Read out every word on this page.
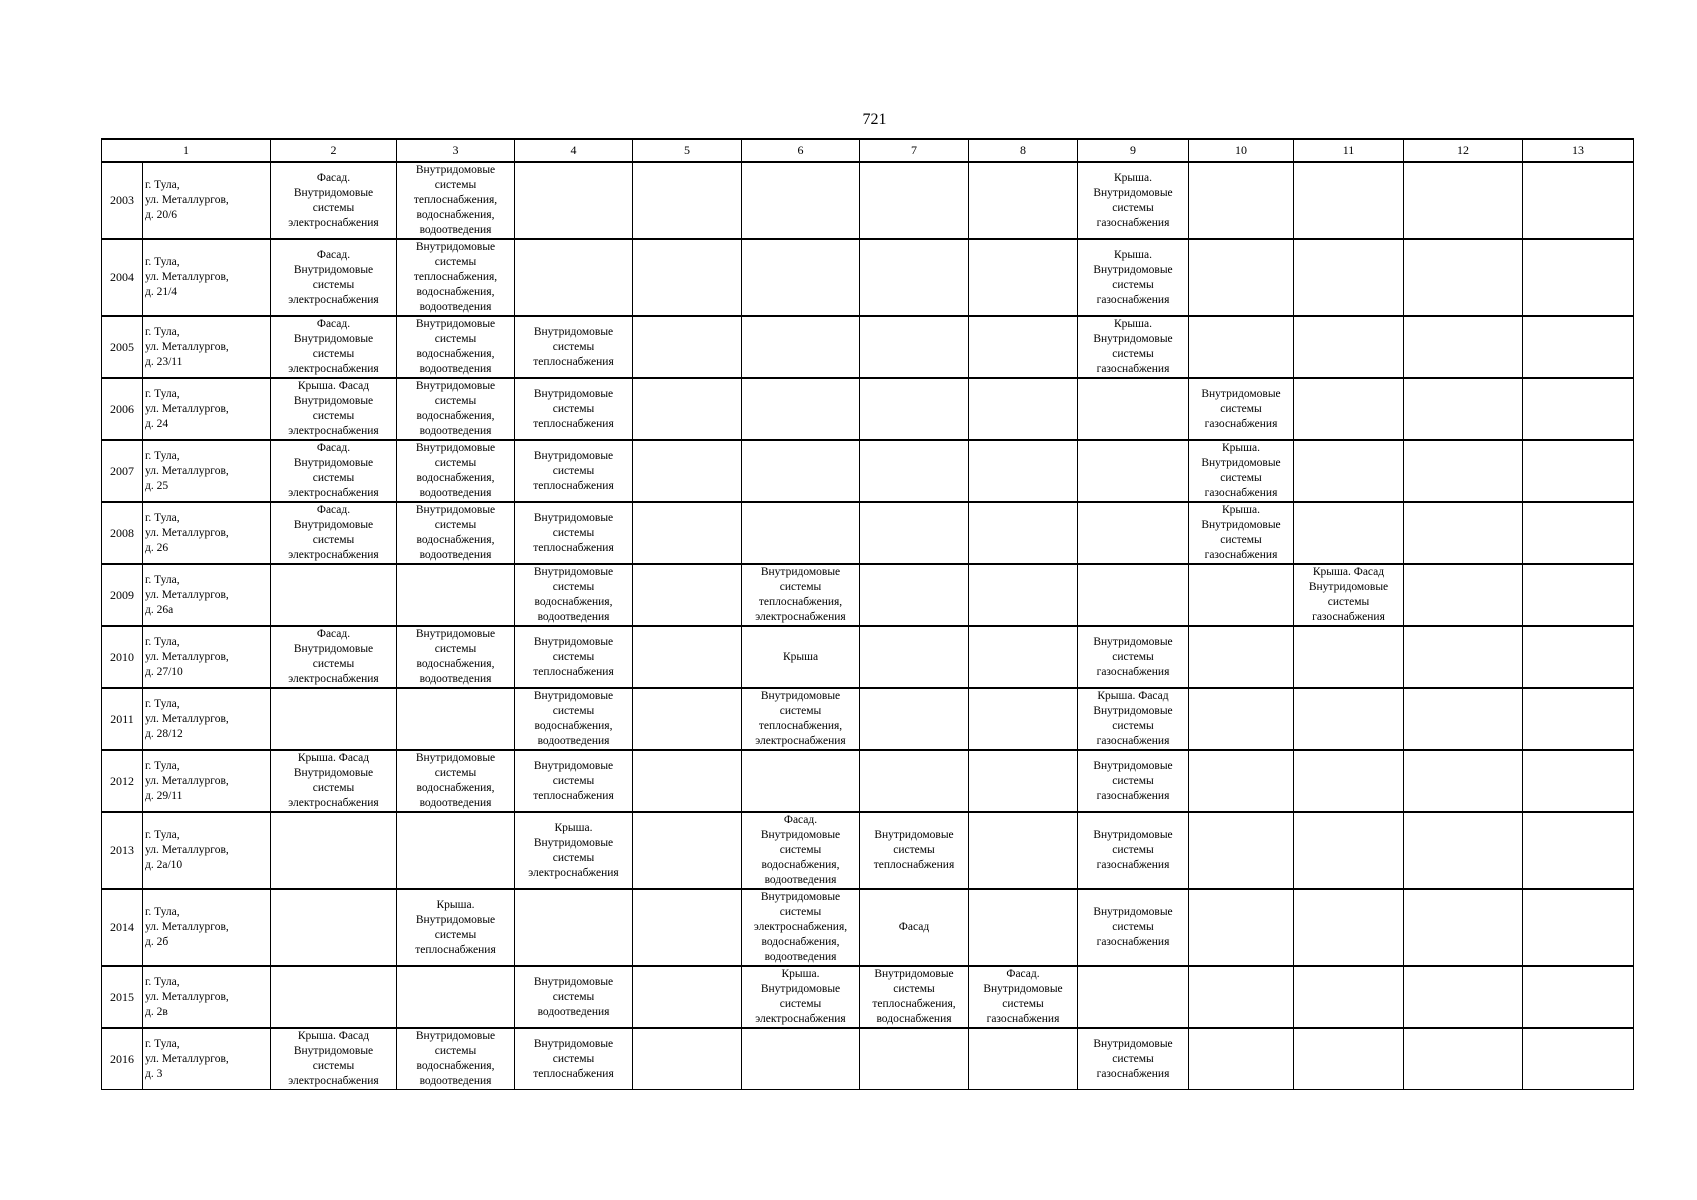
721
1		2	3	4	5	6	7	8	9	10	11	12	13
2003	г. Тула,
ул. Металлургов,
д. 20/6	Фасад.
Внутридомовые
системы
электроснабжения	Внутридомовые
системы
теплоснабжения,
водоснабжения,
водоотведения						Крыша.
Внутридомовые
системы
газоснабжения				
2004	г. Тула,
ул. Металлургов,
д. 21/4	Фасад.
Внутридомовые
системы
электроснабжения	Внутридомовые
системы
теплоснабжения,
водоснабжения,
водоотведения						Крыша.
Внутридомовые
системы
газоснабжения				
2005	г. Тула,
ул. Металлургов,
д. 23/11	Фасад.
Внутридомовые
системы
электроснабжения	Внутридомовые
системы
водоснабжения,
водоотведения	Внутридомовые
системы
теплоснабжения					Крыша.
Внутридомовые
системы
газоснабжения				
2006	г. Тула,
ул. Металлургов,
д. 24	Крыша. Фасад
Внутридомовые
системы
электроснабжения	Внутридомовые
системы
водоснабжения,
водоотведения	Внутридомовые
системы
теплоснабжения						Внутридомовые
системы
газоснабжения			
2007	г. Тула,
ул. Металлургов,
д. 25	Фасад.
Внутридомовые
системы
электроснабжения	Внутридомовые
системы
водоснабжения,
водоотведения	Внутридомовые
системы
теплоснабжения						Крыша.
Внутридомовые
системы
газоснабжения			
2008	г. Тула,
ул. Металлургов,
д. 26	Фасад.
Внутридомовые
системы
электроснабжения	Внутридомовые
системы
водоснабжения,
водоотведения	Внутридомовые
системы
теплоснабжения						Крыша.
Внутридомовые
системы
газоснабжения			
2009	г. Тула,
ул. Металлургов,
д. 26а			Внутридомовые
системы
водоснабжения,
водоотведения		Внутридомовые
системы
теплоснабжения,
электроснабжения					Крыша. Фасад
Внутридомовые
системы
газоснабжения		
2010	г. Тула,
ул. Металлургов,
д. 27/10	Фасад.
Внутридомовые
системы
электроснабжения	Внутридомовые
системы
водоснабжения,
водоотведения	Внутридомовые
системы
теплоснабжения		Крыша			Внутридомовые
системы
газоснабжения				
2011	г. Тула,
ул. Металлургов,
д. 28/12			Внутридомовые
системы
водоснабжения,
водоотведения		Внутридомовые
системы
теплоснабжения,
электроснабжения			Крыша. Фасад
Внутридомовые
системы
газоснабжения				
2012	г. Тула,
ул. Металлургов,
д. 29/11	Крыша. Фасад
Внутридомовые
системы
электроснабжения	Внутридомовые
системы
водоснабжения,
водоотведения	Внутридомовые
системы
теплоснабжения					Внутридомовые
системы
газоснабжения				
2013	г. Тула,
ул. Металлургов,
д. 2а/10			Крыша.
Внутридомовые
системы
электроснабжения		Фасад.
Внутридомовые
системы
водоснабжения,
водоотведения	Внутридомовые
системы
теплоснабжения		Внутридомовые
системы
газоснабжения				
2014	г. Тула,
ул. Металлургов,
д. 2б		Крыша.
Внутридомовые
системы
теплоснабжения			Внутридомовые
системы
электроснабжения,
водоснабжения,
водоотведения	Фасад		Внутридомовые
системы
газоснабжения				
2015	г. Тула,
ул. Металлургов,
д. 2в			Внутридомовые
системы
водоотведения		Крыша.
Внутридомовые
системы
электроснабжения	Внутридомовые
системы
теплоснабжения,
водоснабжения	Фасад.
Внутридомовые
системы
газоснабжения					
2016	г. Тула,
ул. Металлургов,
д. 3	Крыша. Фасад
Внутридомовые
системы
электроснабжения	Внутридомовые
системы
водоснабжения,
водоотведения	Внутридомовые
системы
теплоснабжения					Внутридомовые
системы
газоснабжения				
